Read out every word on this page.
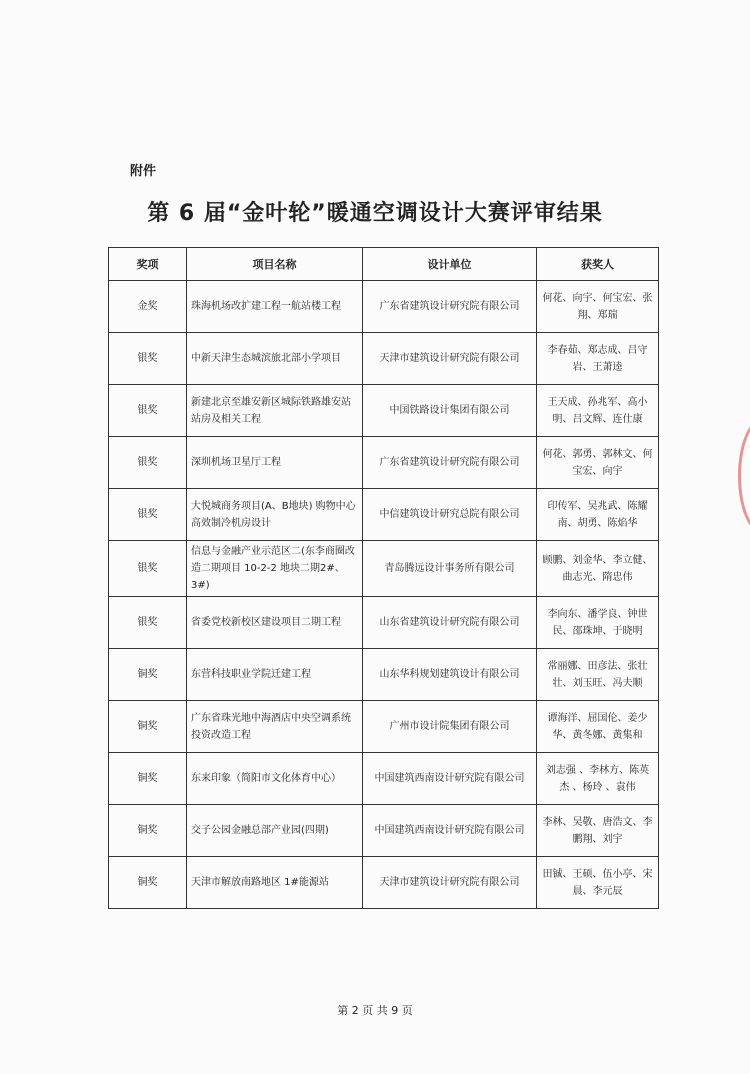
附件
第 6 届“金叶轮”暖通空调设计大赛评审结果
奖项	项目名称	设计单位	获奖人
金奖	珠海机场改扩建工程一航站楼工程	广东省建筑设计研究院有限公司	何花、向宇、何宝宏、张翔、郑瑞
银奖	中新天津生态城滨旅北部小学项目	天津市建筑设计研究院有限公司	李春茹、郑志成、吕守岩、王萧逵
银奖	新建北京至雄安新区城际铁路雄安站站房及相关工程	中国铁路设计集团有限公司	王天成、孙兆军、高小明、吕文辉、连仕康
银奖	深圳机场卫星厅工程	广东省建筑设计研究院有限公司	何花、郭勇、郭林文、何宝宏、向宇
银奖	大悦城商务项目(A、B地块) 购物中心高效制冷机房设计	中信建筑设计研究总院有限公司	印传军、吴兆武、陈耀南、胡勇、陈焰华
银奖	信息与金融产业示范区二(东李商圈改造二期项目 10-2-2 地块二期2#、3#)	青岛腾远设计事务所有限公司	顾鹏、刘金华、李立健、曲志光、隋忠伟
银奖	省委党校新校区建设项目二期工程	山东省建筑设计研究院有限公司	李向东、潘学良、钟世民、邵珠坤、于晓明
铜奖	东营科技职业学院迁建工程	山东华科规划建筑设计有限公司	常丽娜、田彦法、张壮壮、刘玉旺、冯夫顺
铜奖	广东省珠光地中海酒店中央空调系统投资改造工程	广州市设计院集团有限公司	谭海洋、屈国伦、姜少华、黄冬娜、黄集和
铜奖	东来印象（简阳市文化体育中心）	中国建筑西南设计研究院有限公司	刘志强 、李林方、陈英杰 、杨玲 、袁伟
铜奖	交子公园金融总部产业园(四期)	中国建筑西南设计研究院有限公司	李林、吴敬、唐浩文、李鹏翔、刘宇
铜奖	天津市解放南路地区 1#能源站	天津市建筑设计研究院有限公司	田铖、王硕、伍小亭、宋晨、李元辰
第 2 页 共 9 页
